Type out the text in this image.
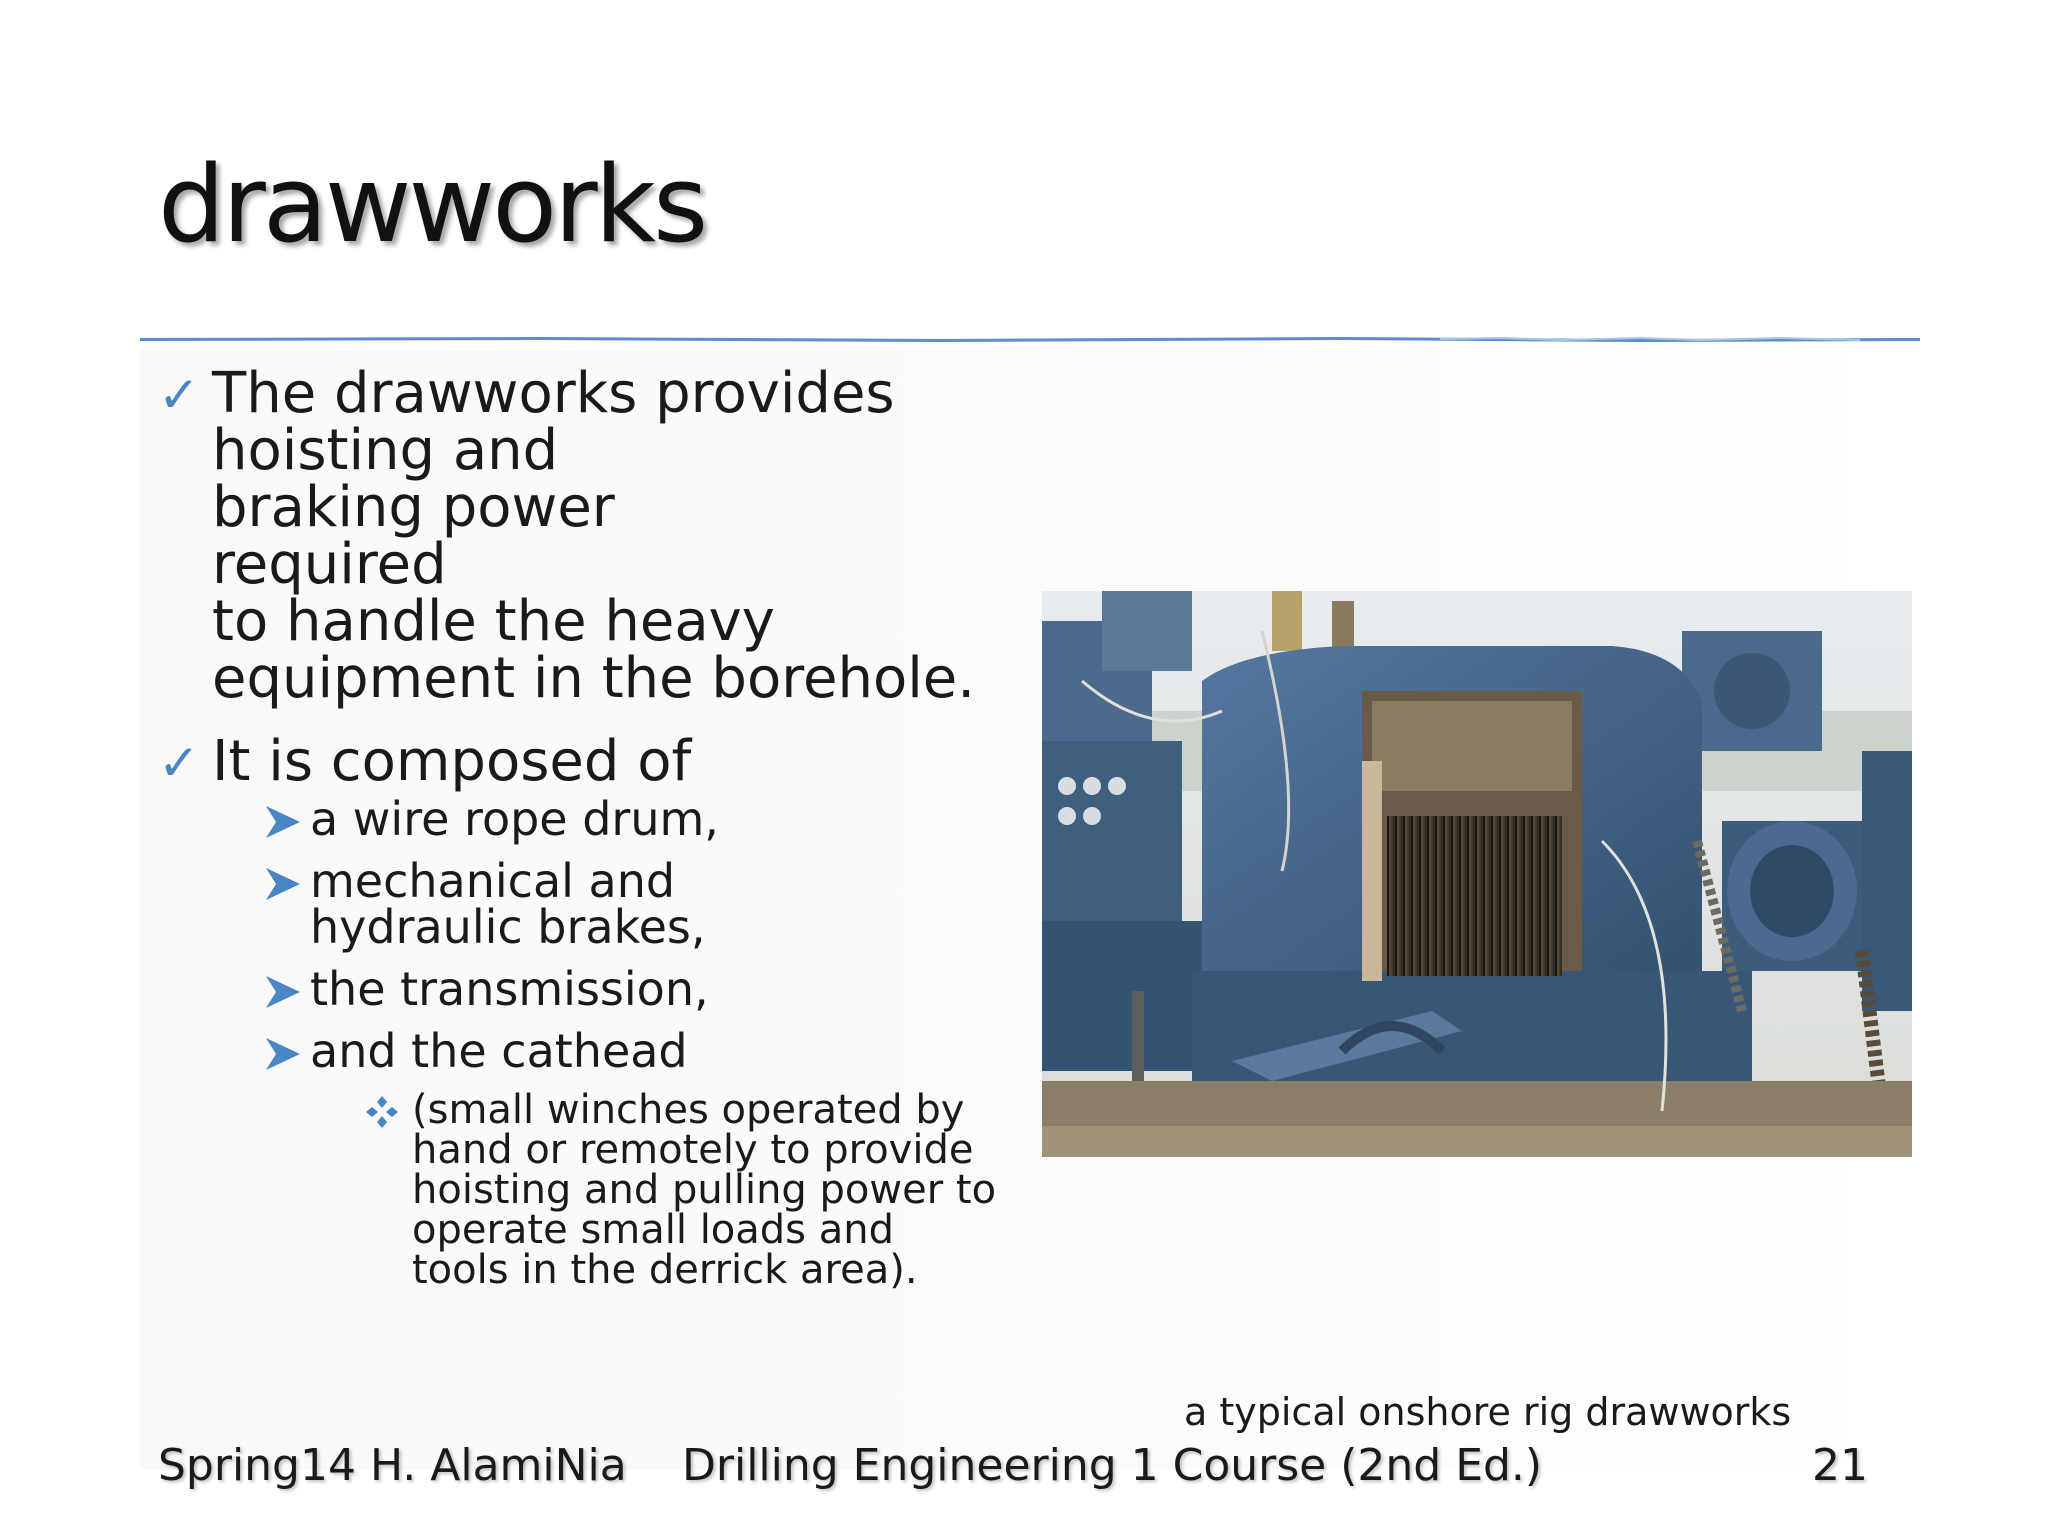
drawworks
✓ The drawworks provides
hoisting and
braking power
required
to handle the heavy
equipment in the borehole.
✓ It is composed of
a wire rope drum,
mechanical and
hydraulic brakes,
the transmission,
and the cathead
(small winches operated by
hand or remotely to provide
hoisting and pulling power to
operate small loads and
tools in the derrick area).
a typical onshore rig drawworks
Spring14 H. AlamiNia Drilling Engineering 1 Course (2nd Ed.)	21
